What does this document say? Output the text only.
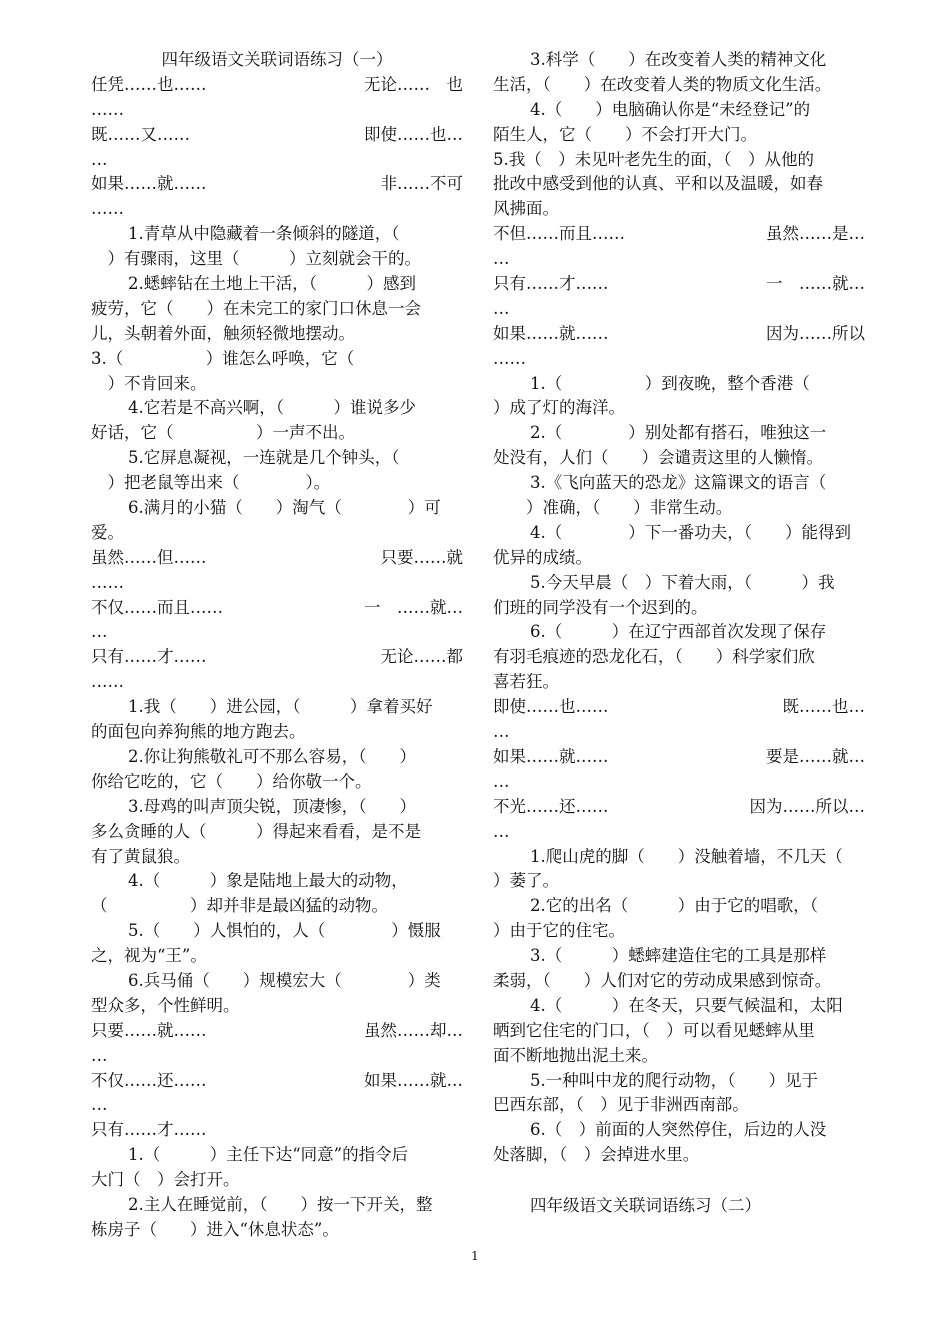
四年级语文关联词语练习（一）
任凭……也……	无论……　也
……
既……又……	即使……也…
…
如果……就……	非……不可
……
1.青草从中隐藏着一条倾斜的隧道，（
　）有骤雨，这里（　　　）立刻就会干的。
2.蟋蟀钻在土地上干活，（　　　）感到
疲劳，它（　　）在未完工的家门口休息一会
儿，头朝着外面，触须轻微地摆动。
3.（　　　　　）谁怎么呼唤，它（
　）不肯回来。
4.它若是不高兴啊，（　　　）谁说多少
好话，它（　　　　　）一声不出。
5.它屏息凝视，一连就是几个钟头，（
　）把老鼠等出来（　　　　）。
6.满月的小猫（　　）淘气（　　　　）可
爱。
虽然……但……	只要……就
……
不仅……而且……	一　……就…
…
只有……才……	无论……都
……
1.我（　　）进公园，（　　　）拿着买好
的面包向养狗熊的地方跑去。
2.你让狗熊敬礼可不那么容易，（　　）
你给它吃的，它（　　）给你敬一个。
3.母鸡的叫声顶尖锐，顶凄惨，（　　）
多么贪睡的人（　　　）得起来看看，是不是
有了黄鼠狼。
4.（　　　）象是陆地上最大的动物，
（　　　　　）却并非是最凶猛的动物。
5.（　　）人惧怕的，人（　　　　）慑服
之，视为“王”。
6.兵马俑（　　）规模宏大（　　　　）类
型众多，个性鲜明。
只要……就……	虽然……却…
…
不仅……还……	如果……就…
…
只有……才……
1.（　　　）主任下达“同意”的指令后
大门（　）会打开。
2.主人在睡觉前，（　　）按一下开关，整
栋房子（　　）进入“休息状态”。
3.科学（　　）在改变着人类的精神文化
生活，（　　）在改变着人类的物质文化生活。
4.（　　）电脑确认你是“未经登记”的
陌生人，它（　　）不会打开大门。
5.我（　）未见叶老先生的面，（　）从他的
批改中感受到他的认真、平和以及温暖，如春
风拂面。
不但……而且……	虽然……是…
…
只有……才……	一　……就…
…
如果……就……	因为……所以
……
1.（　　　　　）到夜晚，整个香港（
）成了灯的海洋。
2.（　　　　）别处都有搭石，唯独这一
处没有，人们（　　）会谴责这里的人懒惰。
3.《飞向蓝天的恐龙》这篇课文的语言（
　　）准确，（　　）非常生动。
4.（　　　　）下一番功夫，（　　）能得到
优异的成绩。
5.今天早晨（　）下着大雨，（　　　）我
们班的同学没有一个迟到的。
6.（　　　）在辽宁西部首次发现了保存
有羽毛痕迹的恐龙化石，（　　）科学家们欣
喜若狂。
即使……也……	既……也…
…
如果……就……	要是……就…
…
不光……还……	因为……所以…
…
1.爬山虎的脚（　　）没触着墙，不几天（
）萎了。
2.它的出名（　　　）由于它的唱歌，（
）由于它的住宅。
3.（　　　）蟋蟀建造住宅的工具是那样
柔弱，（　　）人们对它的劳动成果感到惊奇。
4.（　　　）在冬天，只要气候温和，太阳
晒到它住宅的门口，（　）可以看见蟋蟀从里
面不断地抛出泥土来。
5.一种叫中龙的爬行动物，（　　）见于
巴西东部，（　）见于非洲西南部。
6.（　）前面的人突然停住，后边的人没
处落脚，（　）会掉进水里。
四年级语文关联词语练习（二）
1
